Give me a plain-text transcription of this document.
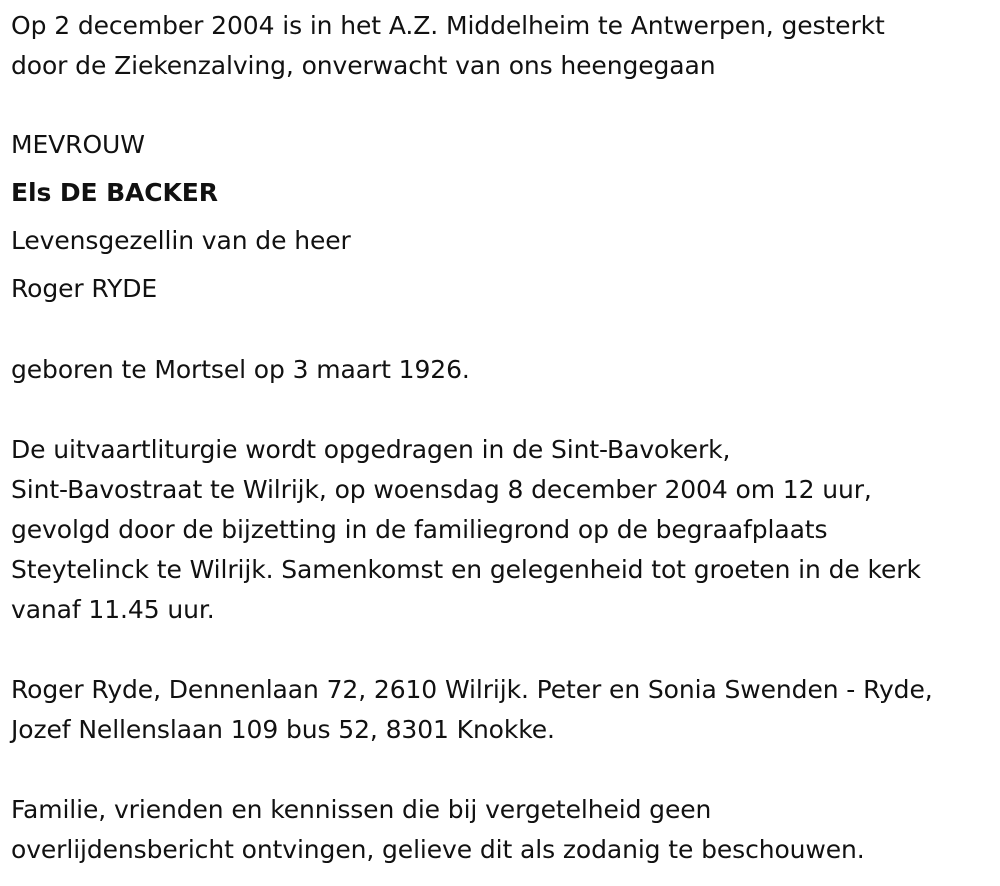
Op 2 december 2004 is in het A.Z. Middelheim te Antwerpen, gesterkt
door de Ziekenzalving, onverwacht van ons heengegaan
MEVROUW
Els DE BACKER
Levensgezellin van de heer
Roger RYDE
geboren te Mortsel op 3 maart 1926.
De uitvaartliturgie wordt opgedragen in de Sint-Bavokerk,
Sint-Bavostraat te Wilrijk, op woensdag 8 december 2004 om 12 uur,
gevolgd door de bijzetting in de familiegrond op de begraafplaats
Steytelinck te Wilrijk. Samenkomst en gelegenheid tot groeten in de kerk
vanaf 11.45 uur.
Roger Ryde, Dennenlaan 72, 2610 Wilrijk. Peter en Sonia Swenden - Ryde,
Jozef Nellenslaan 109 bus 52, 8301 Knokke.
Familie, vrienden en kennissen die bij vergetelheid geen
overlijdensbericht ontvingen, gelieve dit als zodanig te beschouwen.
